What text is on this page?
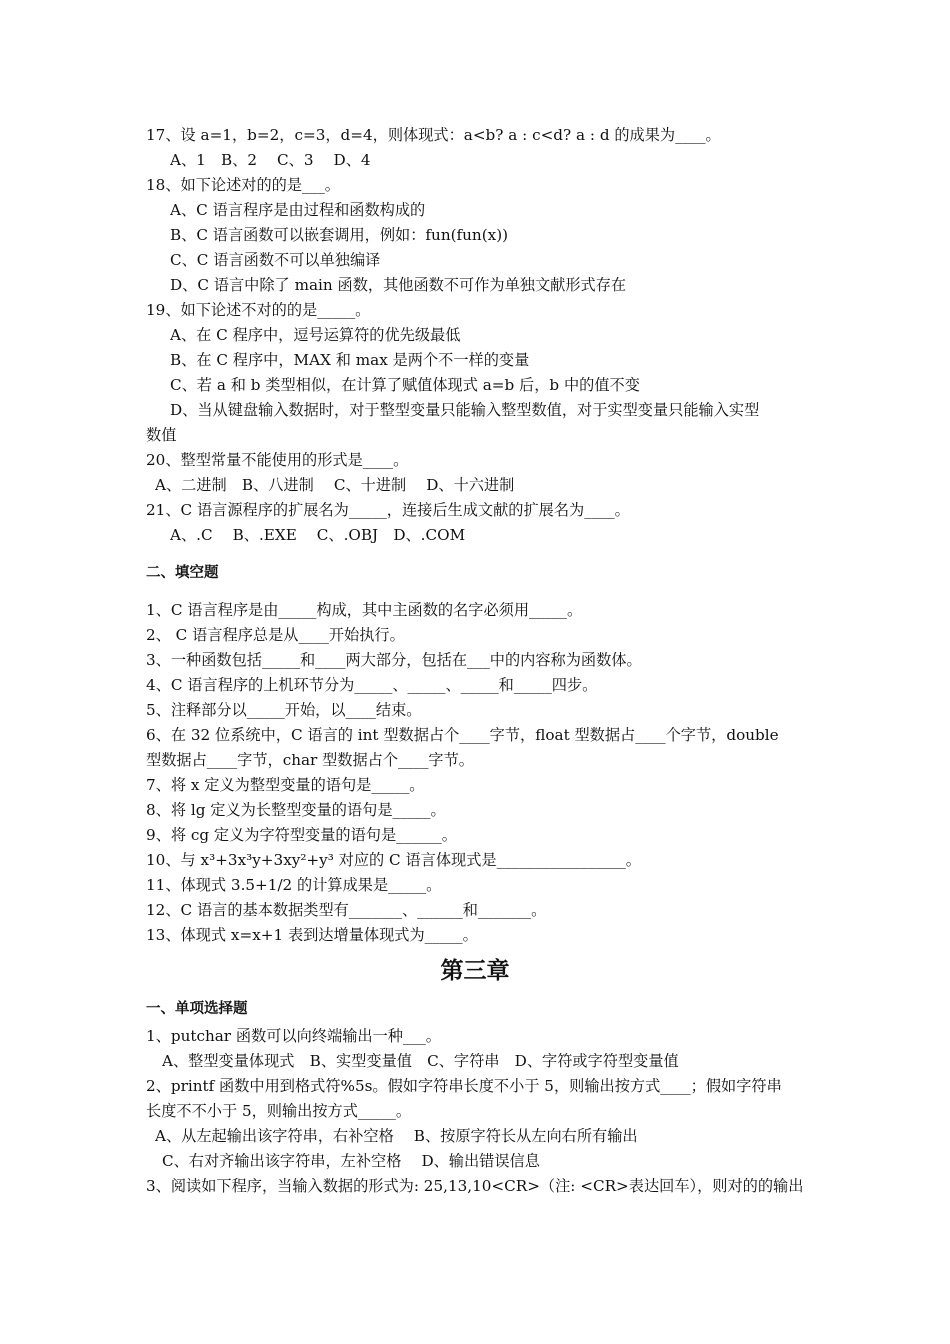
17、设 a=1，b=2，c=3，d=4，则体现式：a<b? a : c<d? a : d 的成果为____。
A、1　B、2　 C、3　 D、4
18、如下论述对的的是___。
A、C 语言程序是由过程和函数构成的
B、C 语言函数可以嵌套调用，例如：fun(fun(x))
C、C 语言函数不可以单独编译
D、C 语言中除了 main 函数，其他函数不可作为单独文献形式存在
19、如下论述不对的的是_____。
A、在 C 程序中，逗号运算符的优先级最低
B、在 C 程序中，MAX 和 max 是两个不一样的变量
C、若 a 和 b 类型相似，在计算了赋值体现式 a=b 后，b 中的值不变
D、当从键盘输入数据时，对于整型变量只能输入整型数值，对于实型变量只能输入实型
数值
20、整型常量不能使用的形式是____。
A、二进制　B、八进制　 C、十进制　 D、十六进制
21、C 语言源程序的扩展名为_____，连接后生成文献的扩展名为____。
A、.C　 B、.EXE　 C、.OBJ　D、.COM
二、填空题
1、C 语言程序是由_____构成，其中主函数的名字必须用_____。
2、 C 语言程序总是从____开始执行。
3、一种函数包括_____和____两大部分，包括在___中的内容称为函数体。
4、C 语言程序的上机环节分为_____、_____、_____和_____四步。
5、注释部分以_____开始，以____结束。
6、在 32 位系统中，C 语言的 int 型数据占个____字节，float 型数据占____个字节，double
型数据占____字节，char 型数据占个____字节。
7、将 x 定义为整型变量的语句是_____。
8、将 lg 定义为长整型变量的语句是_____。
9、将 cg 定义为字符型变量的语句是______。
10、与 x³+3x³y+3xy²+y³ 对应的 C 语言体现式是_________________。
11、体现式 3.5+1/2 的计算成果是_____。
12、C 语言的基本数据类型有_______、______和_______。
13、体现式 x=x+1 表到达增量体现式为_____。
第三章
一、单项选择题
1、putchar 函数可以向终端输出一种___。
A、整型变量体现式　B、实型变量值　C、字符串　D、字符或字符型变量值
2、printf 函数中用到格式符%5s。假如字符串长度不小于 5，则输出按方式____；假如字符串
长度不不小于 5，则输出按方式_____。
A、从左起输出该字符串，右补空格　 B、按原字符长从左向右所有输出
C、右对齐输出该字符串，左补空格　 D、输出错误信息
3、阅读如下程序，当输入数据的形式为: 25,13,10<CR>（注: <CR>表达回车），则对的的输出
